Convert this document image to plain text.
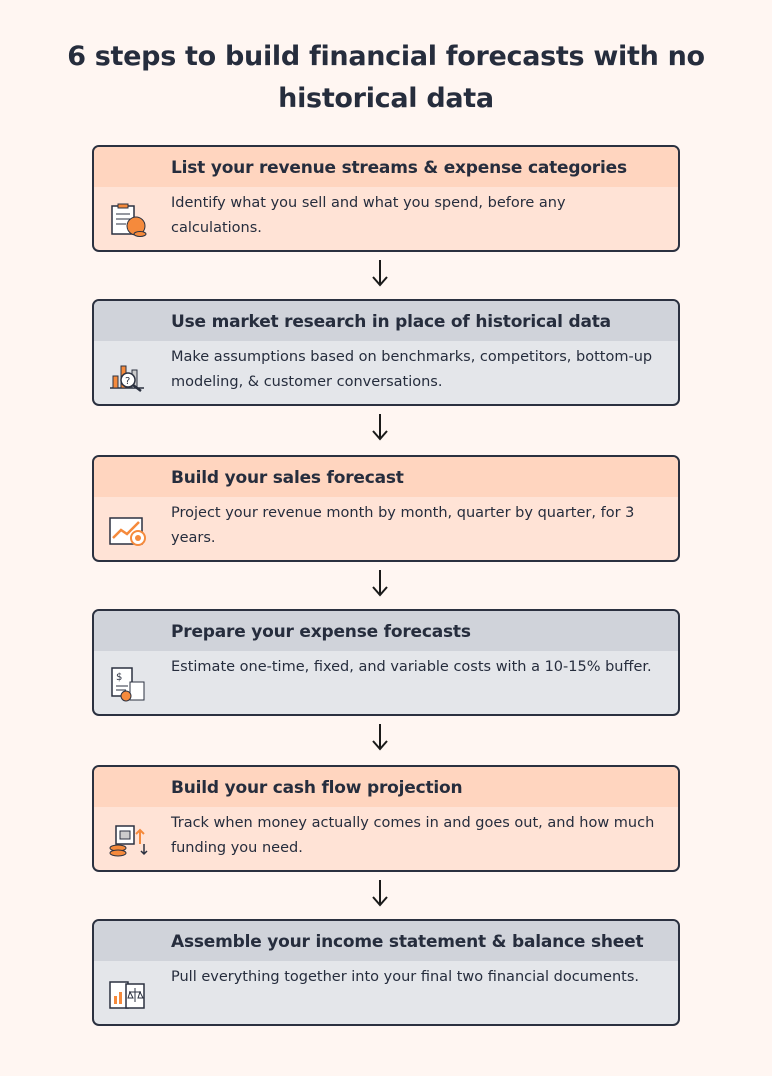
6 steps to build financial forecasts with no historical data
List your revenue streams & expense categories
Identify what you sell and what you spend, before any calculations.
Use market research in place of historical data
Make assumptions based on benchmarks, competitors, bottom-up modeling, & customer conversations.
?
Build your sales forecast
Project your revenue month by month, quarter by quarter, for 3 years.
Prepare your expense forecasts
Estimate one-time, fixed, and variable costs with a 10-15% buffer.
$
Build your cash flow projection
Track when money actually comes in and goes out, and how much funding you need.
Assemble your income statement & balance sheet
Pull everything together into your final two financial documents.
